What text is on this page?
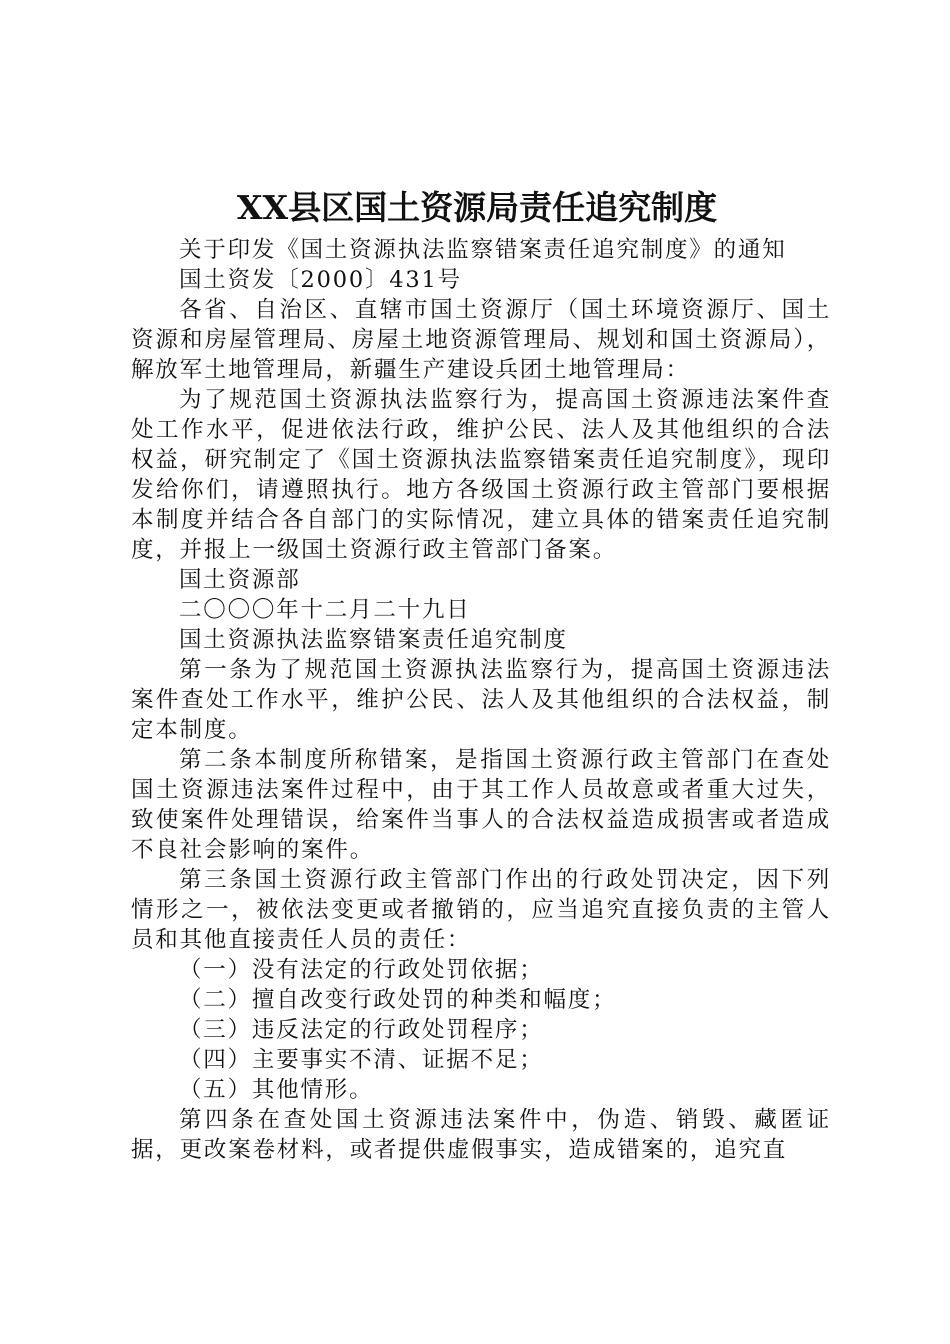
XX县区国土资源局责任追究制度

关于印发《国土资源执法监察错案责任追究制度》的通知

国土资发〔2000〕431号

各省、自治区、直辖市国土资源厅（国土环境资源厅、国土资源和房屋管理局、房屋土地资源管理局、规划和国土资源局），解放军土地管理局，新疆生产建设兵团土地管理局：

为了规范国土资源执法监察行为，提高国土资源违法案件查处工作水平，促进依法行政，维护公民、法人及其他组织的合法权益，研究制定了《国土资源执法监察错案责任追究制度》，现印发给你们，请遵照执行。地方各级国土资源行政主管部门要根据本制度并结合各自部门的实际情况，建立具体的错案责任追究制度，并报上一级国土资源行政主管部门备案。

国土资源部

二〇〇〇年十二月二十九日

国土资源执法监察错案责任追究制度

第一条为了规范国土资源执法监察行为，提高国土资源违法案件查处工作水平，维护公民、法人及其他组织的合法权益，制定本制度。

第二条本制度所称错案，是指国土资源行政主管部门在查处国土资源违法案件过程中，由于其工作人员故意或者重大过失，致使案件处理错误，给案件当事人的合法权益造成损害或者造成不良社会影响的案件。

第三条国土资源行政主管部门作出的行政处罚决定，因下列情形之一，被依法变更或者撤销的，应当追究直接负责的主管人员和其他直接责任人员的责任：

（一）没有法定的行政处罚依据；

（二）擅自改变行政处罚的种类和幅度；

（三）违反法定的行政处罚程序；

（四）主要事实不清、证据不足；

（五）其他情形。

第四条在查处国土资源违法案件中，伪造、销毁、藏匿证据，更改案卷材料，或者提供虚假事实，造成错案的，追究直
